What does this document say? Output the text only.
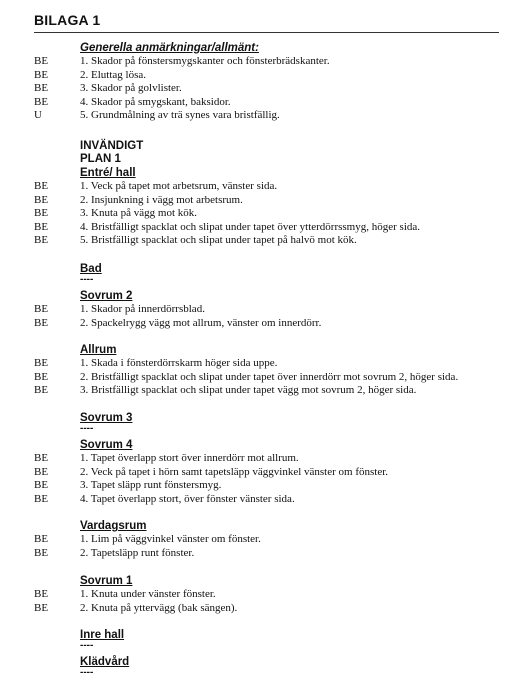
BILAGA 1
Generella anmärkningar/allmänt:
BE	1. Skador på fönstersmygskanter och fönsterbrädskanter.
BE	2. Eluttag lösa.
BE	3. Skador på golvlister.
BE	4. Skador på smygskant, baksidor.
U	5. Grundmålning av trä synes vara bristfällig.
INVÄNDIGT
PLAN 1
Entré/ hall
BE	1. Veck på tapet mot arbetsrum, vänster sida.
BE	2. Insjunkning i vägg mot arbetsrum.
BE	3. Knuta på vägg mot kök.
BE	4. Bristfälligt spacklat och slipat under tapet över ytterdörrssmyg, höger sida.
BE	5. Bristfälligt spacklat och slipat under tapet på halvö mot kök.
Bad
----
Sovrum 2
BE	1. Skador på innerdörrsblad.
BE	2. Spackelrygg vägg mot allrum, vänster om innerdörr.
Allrum
BE	1. Skada i fönsterdörrskarm höger sida uppe.
BE	2. Bristfälligt spacklat och slipat under tapet över innerdörr mot sovrum 2, höger sida.
BE	3. Bristfälligt spacklat och slipat under tapet vägg mot sovrum 2, höger sida.
Sovrum 3
----
Sovrum 4
BE	1. Tapet överlapp stort över innerdörr mot allrum.
BE	2. Veck på tapet i hörn samt tapetsläpp väggvinkel vänster om fönster.
BE	3. Tapet släpp runt fönstersmyg.
BE	4. Tapet överlapp stort, över fönster vänster sida.
Vardagsrum
BE	1. Lim på väggvinkel vänster om fönster.
BE	2. Tapetsläpp runt fönster.
Sovrum 1
BE	1. Knuta under vänster fönster.
BE	2. Knuta på yttervägg (bak sängen).
Inre hall
----
Klädvård
----
